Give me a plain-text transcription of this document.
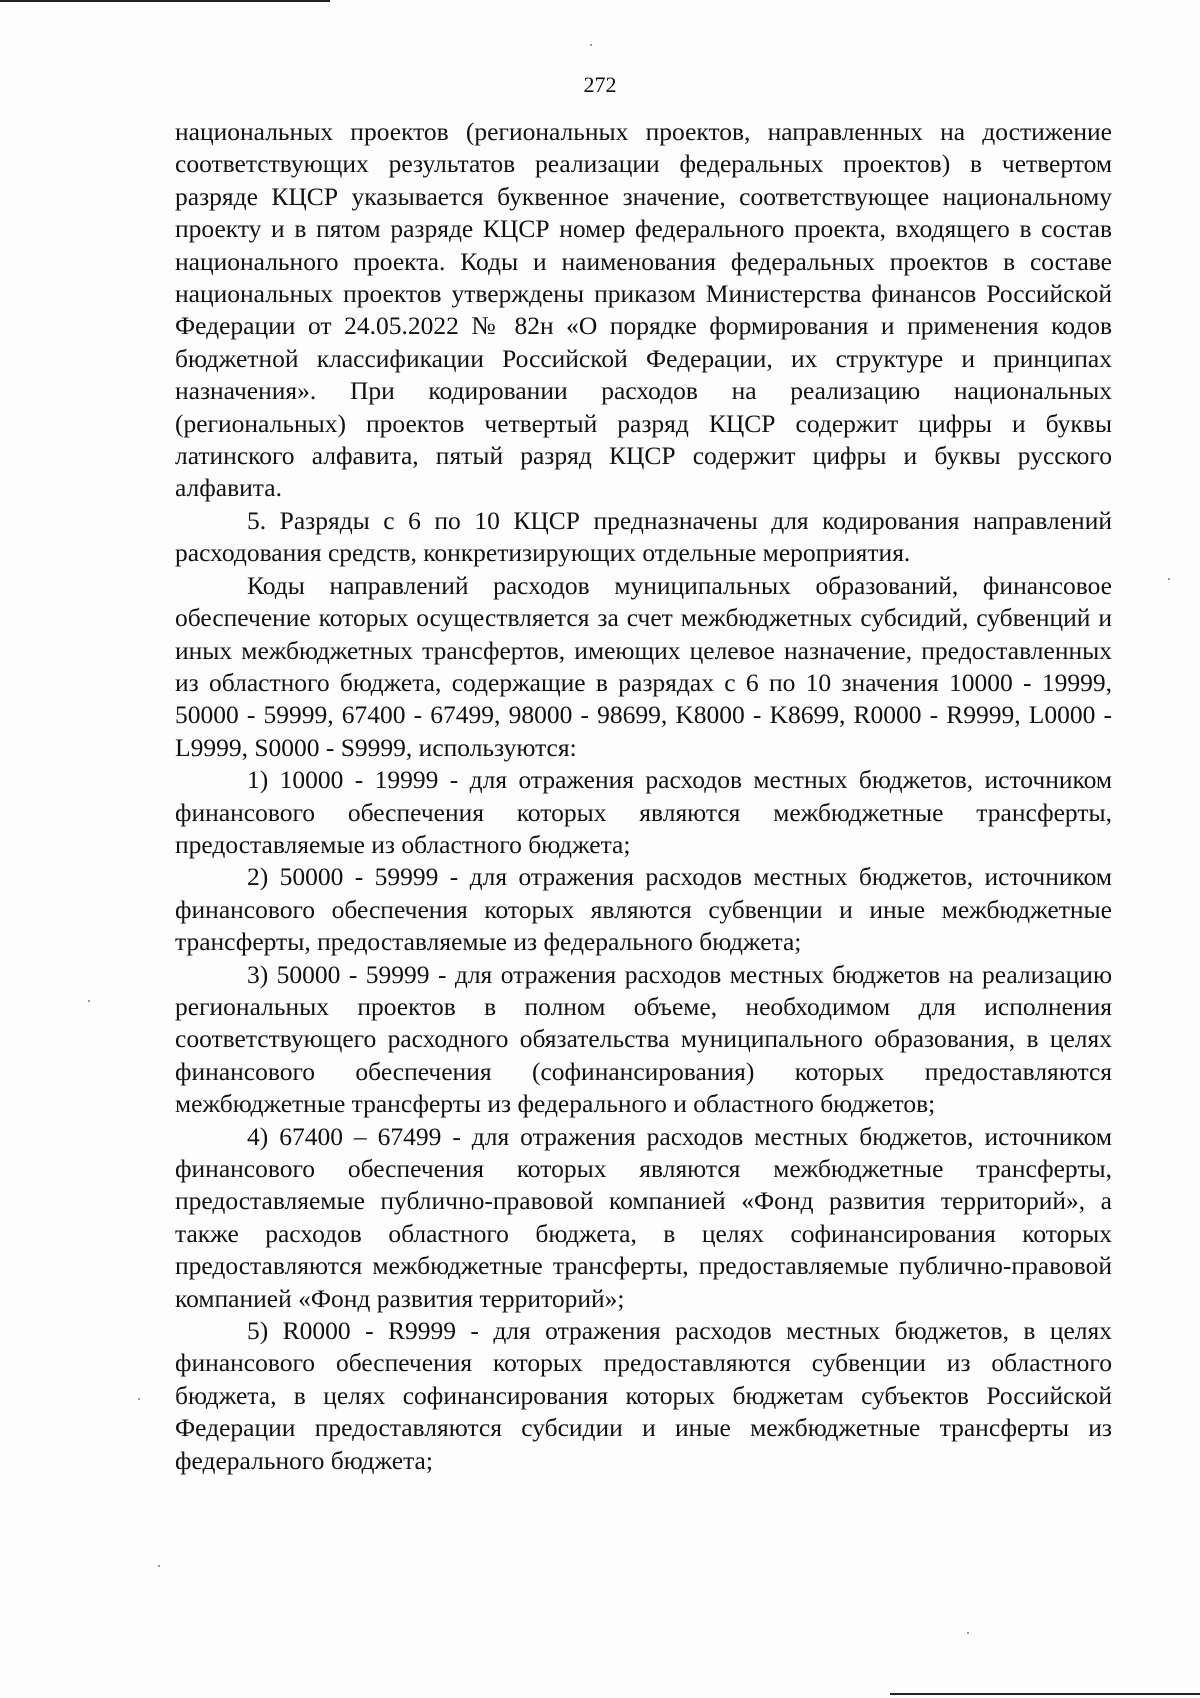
272

национальных проектов (региональных проектов, направленных на достижение соответствующих результатов реализации федеральных проектов) в четвертом разряде КЦСР указывается буквенное значение, соответствующее национальному проекту и в пятом разряде КЦСР номер федерального проекта, входящего в состав национального проекта. Коды и наименования федеральных проектов в составе национальных проектов утверждены приказом Министерства финансов Российской Федерации от 24.05.2022 № 82н «О порядке формирования и применения кодов бюджетной классификации Российской Федерации, их структуре и принципах назначения». При кодировании расходов на реализацию национальных (региональных) проектов четвертый разряд КЦСР содержит цифры и буквы латинского алфавита, пятый разряд КЦСР содержит цифры и буквы русского алфавита.

5. Разряды с 6 по 10 КЦСР предназначены для кодирования направлений расходования средств, конкретизирующих отдельные мероприятия.

Коды направлений расходов муниципальных образований, финансовое обеспечение которых осуществляется за счет межбюджетных субсидий, субвенций и иных межбюджетных трансфертов, имеющих целевое назначение, предоставленных из областного бюджета, содержащие в разрядах с 6 по 10 значения 10000 - 19999, 50000 - 59999, 67400 - 67499, 98000 - 98699, K8000 - K8699, R0000 - R9999, L0000 - L9999, S0000 - S9999, используются:

1) 10000 - 19999 - для отражения расходов местных бюджетов, источником финансового обеспечения которых являются межбюджетные трансферты, предоставляемые из областного бюджета;

2) 50000 - 59999 - для отражения расходов местных бюджетов, источником финансового обеспечения которых являются субвенции и иные межбюджетные трансферты, предоставляемые из федерального бюджета;

3) 50000 - 59999 - для отражения расходов местных бюджетов на реализацию региональных проектов в полном объеме, необходимом для исполнения соответствующего расходного обязательства муниципального образования, в целях финансового обеспечения (софинансирования) которых предоставляются межбюджетные трансферты из федерального и областного бюджетов;

4) 67400 – 67499 - для отражения расходов местных бюджетов, источником финансового обеспечения которых являются межбюджетные трансферты, предоставляемые публично-правовой компанией «Фонд развития территорий», а также расходов областного бюджета, в целях софинансирования которых предоставляются межбюджетные трансферты, предоставляемые публично-правовой компанией «Фонд развития территорий»;

5) R0000 - R9999 - для отражения расходов местных бюджетов, в целях финансового обеспечения которых предоставляются субвенции из областного бюджета, в целях софинансирования которых бюджетам субъектов Российской Федерации предоставляются субсидии и иные межбюджетные трансферты из федерального бюджета;
